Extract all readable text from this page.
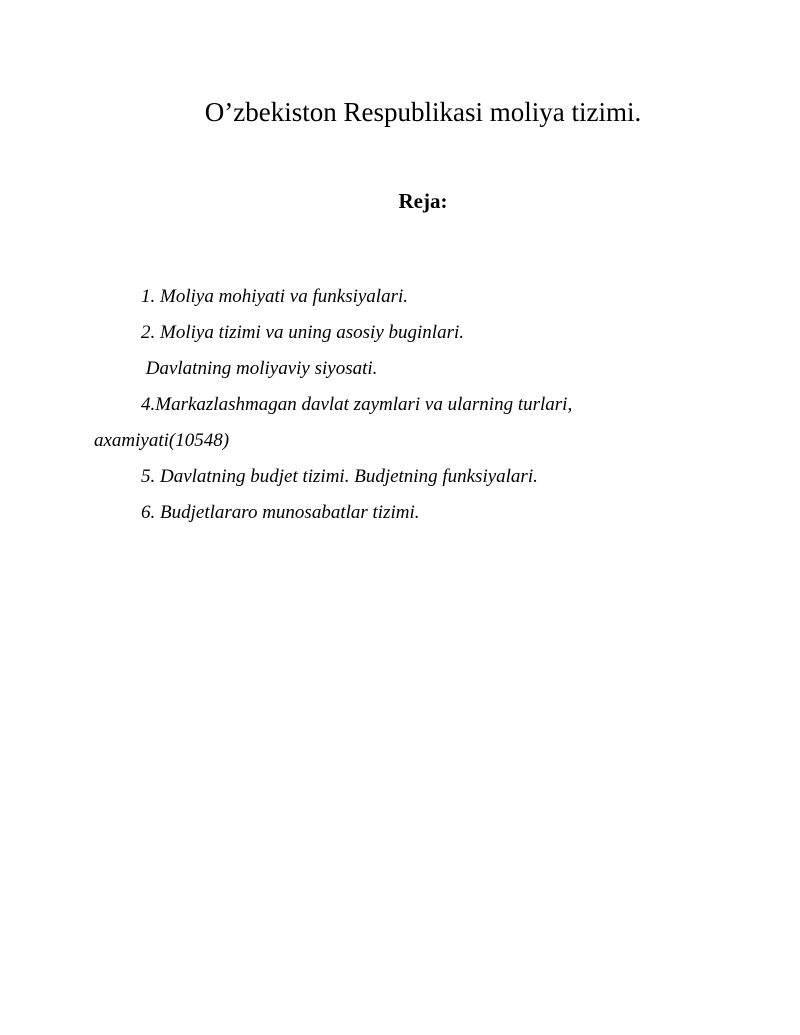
O’zbekiston Respublikasi moliya tizimi.
Reja:
1. Moliya mohiyati va funksiyalari.
2. Moliya tizimi va uning asosiy buginlari.
Davlatning moliyaviy siyosati.
4.Markazlashmagan davlat zaymlari va ularning turlari,
axamiyati(10548)
5. Davlatning budjet tizimi. Budjetning funksiyalari.
6. Budjetlararo munosabatlar tizimi.
